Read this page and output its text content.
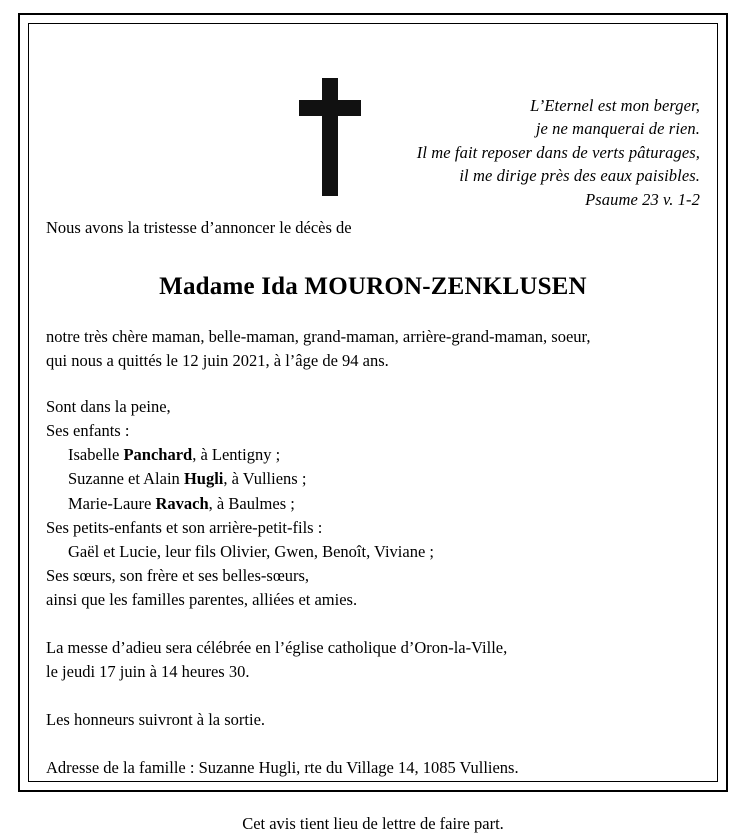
L’Eternel est mon berger,
je ne manquerai de rien.
Il me fait reposer dans de verts pâturages,
il me dirige près des eaux paisibles.
Psaume 23 v. 1-2
Nous avons la tristesse d’annoncer le décès de
Madame Ida MOURON-ZENKLUSEN
notre très chère maman, belle-maman, grand-maman, arrière-grand-maman, soeur,
qui nous a quittés le 12 juin 2021, à l’âge de 94 ans.
Sont dans la peine,
Ses enfants :
Isabelle Panchard, à Lentigny ;
Suzanne et Alain Hugli, à Vulliens ;
Marie-Laure Ravach, à Baulmes ;
Ses petits-enfants et son arrière-petit-fils :
Gaël et Lucie, leur fils Olivier, Gwen, Benoît, Viviane ;
Ses sœurs, son frère et ses belles-sœurs,
ainsi que les familles parentes, alliées et amies.
La messe d’adieu sera célébrée en l’église catholique d’Oron-la-Ville,
le jeudi 17 juin à 14 heures 30.
Les honneurs suivront à la sortie.
Adresse de la famille : Suzanne Hugli, rte du Village 14, 1085 Vulliens.
Cet avis tient lieu de lettre de faire part.
